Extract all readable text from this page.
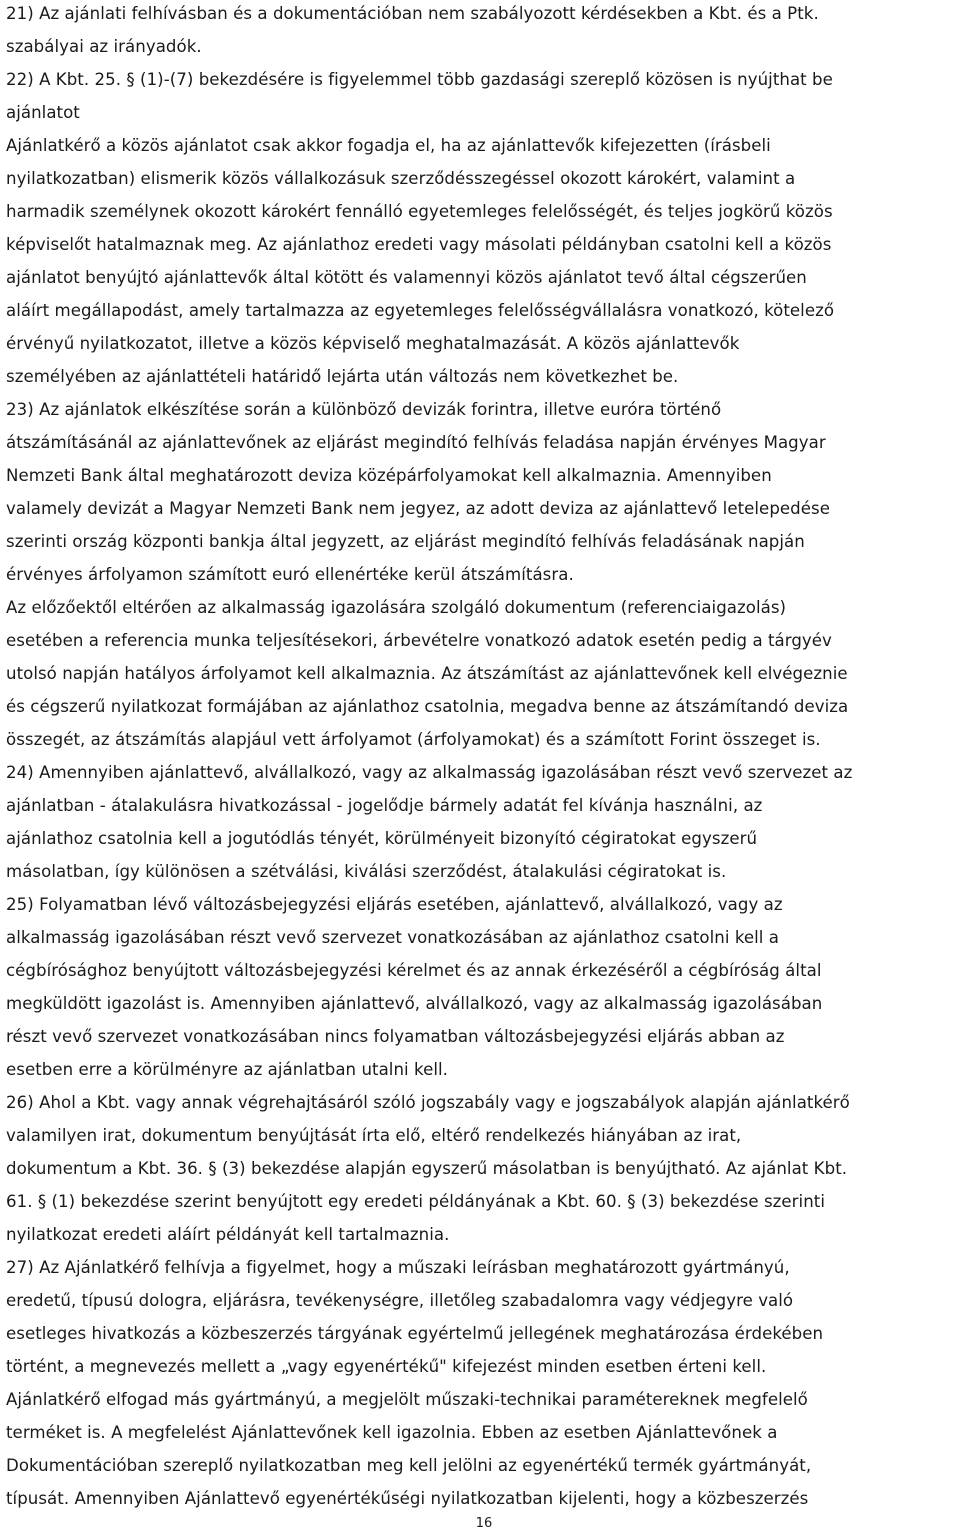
21) Az ajánlati felhívásban és a dokumentációban nem szabályozott kérdésekben a Kbt. és a Ptk.
szabályai az irányadók.
22) A Kbt. 25. § (1)-(7) bekezdésére is figyelemmel több gazdasági szereplő közösen is nyújthat be
ajánlatot
Ajánlatkérő a közös ajánlatot csak akkor fogadja el, ha az ajánlattevők kifejezetten (írásbeli
nyilatkozatban) elismerik közös vállalkozásuk szerződésszegéssel okozott károkért, valamint a
harmadik személynek okozott károkért fennálló egyetemleges felelősségét, és teljes jogkörű közös
képviselőt hatalmaznak meg. Az ajánlathoz eredeti vagy másolati példányban csatolni kell a közös
ajánlatot benyújtó ajánlattevők által kötött és valamennyi közös ajánlatot tevő által cégszerűen
aláírt megállapodást, amely tartalmazza az egyetemleges felelősségvállalásra vonatkozó, kötelező
érvényű nyilatkozatot, illetve a közös képviselő meghatalmazását. A közös ajánlattevők
személyében az ajánlattételi határidő lejárta után változás nem következhet be.
23) Az ajánlatok elkészítése során a különböző devizák forintra, illetve euróra történő
átszámításánál az ajánlattevőnek az eljárást megindító felhívás feladása napján érvényes Magyar
Nemzeti Bank által meghatározott deviza középárfolyamokat kell alkalmaznia. Amennyiben
valamely devizát a Magyar Nemzeti Bank nem jegyez, az adott deviza az ajánlattevő letelepedése
szerinti ország központi bankja által jegyzett, az eljárást megindító felhívás feladásának napján
érvényes árfolyamon számított euró ellenértéke kerül átszámításra.
Az előzőektől eltérően az alkalmasság igazolására szolgáló dokumentum (referenciaigazolás)
esetében a referencia munka teljesítésekori, árbevételre vonatkozó adatok esetén pedig a tárgyév
utolsó napján hatályos árfolyamot kell alkalmaznia. Az átszámítást az ajánlattevőnek kell elvégeznie
és cégszerű nyilatkozat formájában az ajánlathoz csatolnia, megadva benne az átszámítandó deviza
összegét, az átszámítás alapjául vett árfolyamot (árfolyamokat) és a számított Forint összeget is.
24) Amennyiben ajánlattevő, alvállalkozó, vagy az alkalmasság igazolásában részt vevő szervezet az
ajánlatban - átalakulásra hivatkozással - jogelődje bármely adatát fel kívánja használni, az
ajánlathoz csatolnia kell a jogutódlás tényét, körülményeit bizonyító cégiratokat egyszerű
másolatban, így különösen a szétválási, kiválási szerződést, átalakulási cégiratokat is.
25) Folyamatban lévő változásbejegyzési eljárás esetében, ajánlattevő, alvállalkozó, vagy az
alkalmasság igazolásában részt vevő szervezet vonatkozásában az ajánlathoz csatolni kell a
cégbírósághoz benyújtott változásbejegyzési kérelmet és az annak érkezéséről a cégbíróság által
megküldött igazolást is. Amennyiben ajánlattevő, alvállalkozó, vagy az alkalmasság igazolásában
részt vevő szervezet vonatkozásában nincs folyamatban változásbejegyzési eljárás abban az
esetben erre a körülményre az ajánlatban utalni kell.
26) Ahol a Kbt. vagy annak végrehajtásáról szóló jogszabály vagy e jogszabályok alapján ajánlatkérő
valamilyen irat, dokumentum benyújtását írta elő, eltérő rendelkezés hiányában az irat,
dokumentum a Kbt. 36. § (3) bekezdése alapján egyszerű másolatban is benyújtható. Az ajánlat Kbt.
61. § (1) bekezdése szerint benyújtott egy eredeti példányának a Kbt. 60. § (3) bekezdése szerinti
nyilatkozat eredeti aláírt példányát kell tartalmaznia.
27) Az Ajánlatkérő felhívja a figyelmet, hogy a műszaki leírásban meghatározott gyártmányú,
eredetű, típusú dologra, eljárásra, tevékenységre, illetőleg szabadalomra vagy védjegyre való
esetleges hivatkozás a közbeszerzés tárgyának egyértelmű jellegének meghatározása érdekében
történt, a megnevezés mellett a „vagy egyenértékű" kifejezést minden esetben érteni kell.
Ajánlatkérő elfogad más gyártmányú, a megjelölt műszaki-technikai paramétereknek megfelelő
terméket is. A megfelelést Ajánlattevőnek kell igazolnia. Ebben az esetben Ajánlattevőnek a
Dokumentációban szereplő nyilatkozatban meg kell jelölni az egyenértékű termék gyártmányát,
típusát. Amennyiben Ajánlattevő egyenértékűségi nyilatkozatban kijelenti, hogy a közbeszerzés
16
